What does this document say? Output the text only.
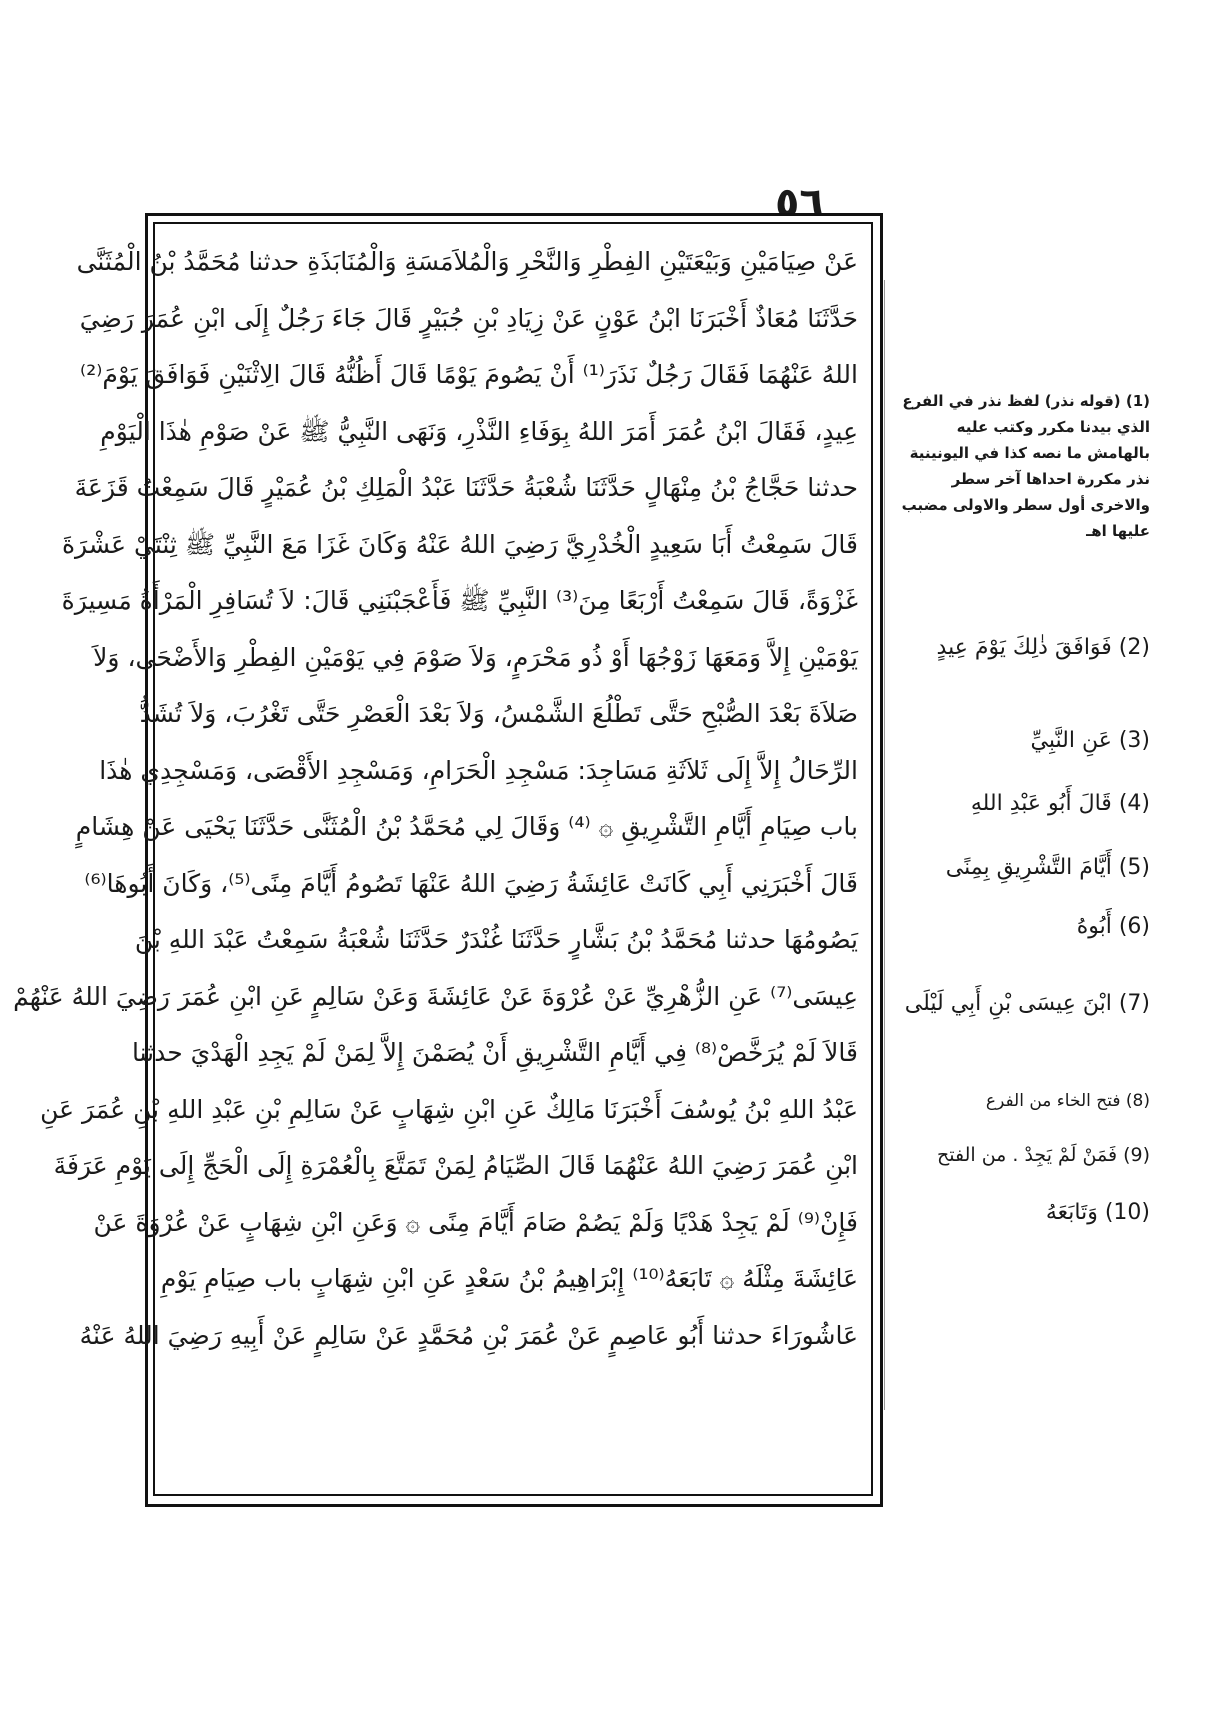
٥٦
عَنْ صِيَامَيْنِ وَبَيْعَتَيْنِ الفِطْرِ وَالنَّحْرِ وَالْمُلاَمَسَةِ وَالْمُنَابَذَةِ حدثنا مُحَمَّدُ بْنُ الْمُثَنَّى
حَدَّثَنَا مُعَاذٌ أَخْبَرَنَا ابْنُ عَوْنٍ عَنْ زِيَادِ بْنِ جُبَيْرٍ قَالَ جَاءَ رَجُلٌ إِلَى ابْنِ عُمَرَ رَضِيَ
اللهُ عَنْهُمَا فَقَالَ رَجُلٌ نَذَرَ⁽¹⁾ أَنْ يَصُومَ يَوْمًا قَالَ أَظُنُّهُ قَالَ الِاثْنَيْنِ فَوَافَقَ يَوْمَ⁽²⁾
عِيدٍ، فَقَالَ ابْنُ عُمَرَ أَمَرَ اللهُ بِوَفَاءِ النَّذْرِ، وَنَهَى النَّبِيُّ ﷺ عَنْ صَوْمِ هٰذَا الْيَوْمِ
حدثنا حَجَّاجُ بْنُ مِنْهَالٍ حَدَّثَنَا شُعْبَةُ حَدَّثَنَا عَبْدُ الْمَلِكِ بْنُ عُمَيْرٍ قَالَ سَمِعْتُ قَزَعَةَ
قَالَ سَمِعْتُ أَبَا سَعِيدٍ الْخُدْرِيَّ رَضِيَ اللهُ عَنْهُ وَكَانَ غَزَا مَعَ النَّبِيِّ ﷺ ثِنْتَيْ عَشْرَةَ
غَزْوَةً، قَالَ سَمِعْتُ أَرْبَعًا مِنَ⁽³⁾ النَّبِيِّ ﷺ فَأَعْجَبْنَنِي قَالَ: لاَ تُسَافِرِ الْمَرْأَةُ مَسِيرَةَ
يَوْمَيْنِ إِلاَّ وَمَعَهَا زَوْجُهَا أَوْ ذُو مَحْرَمٍ، وَلاَ صَوْمَ فِي يَوْمَيْنِ الفِطْرِ وَالأَضْحَى، وَلاَ
صَلاَةَ بَعْدَ الصُّبْحِ حَتَّى تَطْلُعَ الشَّمْسُ، وَلاَ بَعْدَ الْعَصْرِ حَتَّى تَغْرُبَ، وَلاَ تُشَدُّ
الرِّحَالُ إِلاَّ إِلَى ثَلاَثَةِ مَسَاجِدَ: مَسْجِدِ الْحَرَامِ، وَمَسْجِدِ الأَقْصَى، وَمَسْجِدِي هٰذَا
باب صِيَامِ أَيَّامِ التَّشْرِيقِ ۞ ⁽⁴⁾ وَقَالَ لِي مُحَمَّدُ بْنُ الْمُثَنَّى حَدَّثَنَا يَحْيَى عَنْ هِشَامٍ
قَالَ أَخْبَرَنِي أَبِي كَانَتْ عَائِشَةُ رَضِيَ اللهُ عَنْهَا تَصُومُ أَيَّامَ مِنًى⁽⁵⁾، وَكَانَ أَبُوهَا⁽⁶⁾
يَصُومُهَا حدثنا مُحَمَّدُ بْنُ بَشَّارٍ حَدَّثَنَا غُنْدَرٌ حَدَّثَنَا شُعْبَةُ سَمِعْتُ عَبْدَ اللهِ بْنَ
عِيسَى⁽⁷⁾ عَنِ الزُّهْرِيِّ عَنْ عُرْوَةَ عَنْ عَائِشَةَ وَعَنْ سَالِمٍ عَنِ ابْنِ عُمَرَ رَضِيَ اللهُ عَنْهُمْ
قَالاَ لَمْ يُرَخَّصْ⁽⁸⁾ فِي أَيَّامِ التَّشْرِيقِ أَنْ يُصَمْنَ إِلاَّ لِمَنْ لَمْ يَجِدِ الْهَدْيَ حدثنا
عَبْدُ اللهِ بْنُ يُوسُفَ أَخْبَرَنَا مَالِكٌ عَنِ ابْنِ شِهَابٍ عَنْ سَالِمِ بْنِ عَبْدِ اللهِ بْنِ عُمَرَ عَنِ
ابْنِ عُمَرَ رَضِيَ اللهُ عَنْهُمَا قَالَ الصِّيَامُ لِمَنْ تَمَتَّعَ بِالْعُمْرَةِ إِلَى الْحَجِّ إِلَى يَوْمِ عَرَفَةَ
فَإِنْ⁽⁹⁾ لَمْ يَجِدْ هَدْيًا وَلَمْ يَصُمْ صَامَ أَيَّامَ مِنًى ۞ وَعَنِ ابْنِ شِهَابٍ عَنْ عُرْوَةَ عَنْ
عَائِشَةَ مِثْلَهُ ۞ تَابَعَهُ⁽¹⁰⁾ إِبْرَاهِيمُ بْنُ سَعْدٍ عَنِ ابْنِ شِهَابٍ باب صِيَامِ يَوْمِ
عَاشُورَاءَ حدثنا أَبُو عَاصِمٍ عَنْ عُمَرَ بْنِ مُحَمَّدٍ عَنْ سَالِمٍ عَنْ أَبِيهِ رَضِيَ اللهُ عَنْهُ
(1) (قوله نذر) لفظ نذر في الفرع الذي بيدنا مكرر وكتب عليه بالهامش ما نصه كذا في اليونينية نذر مكررة احداها آخر سطر والاخرى أول سطر والاولى مضبب عليها اهـ
(2) فَوَافَقَ ذٰلِكَ يَوْمَ عِيدٍ
(3) عَنِ النَّبِيِّ
(4) قَالَ أَبُو عَبْدِ اللهِ
(5) أَيَّامَ التَّشْرِيقِ بِمِنًى
(6) أَبُوهُ
(7) ابْنَ عِيسَى بْنِ أَبِي لَيْلَى
(8) فتح الخاء من الفرع
(9) فَمَنْ لَمْ يَجِدْ . من الفتح
(10) وَتَابَعَهُ
